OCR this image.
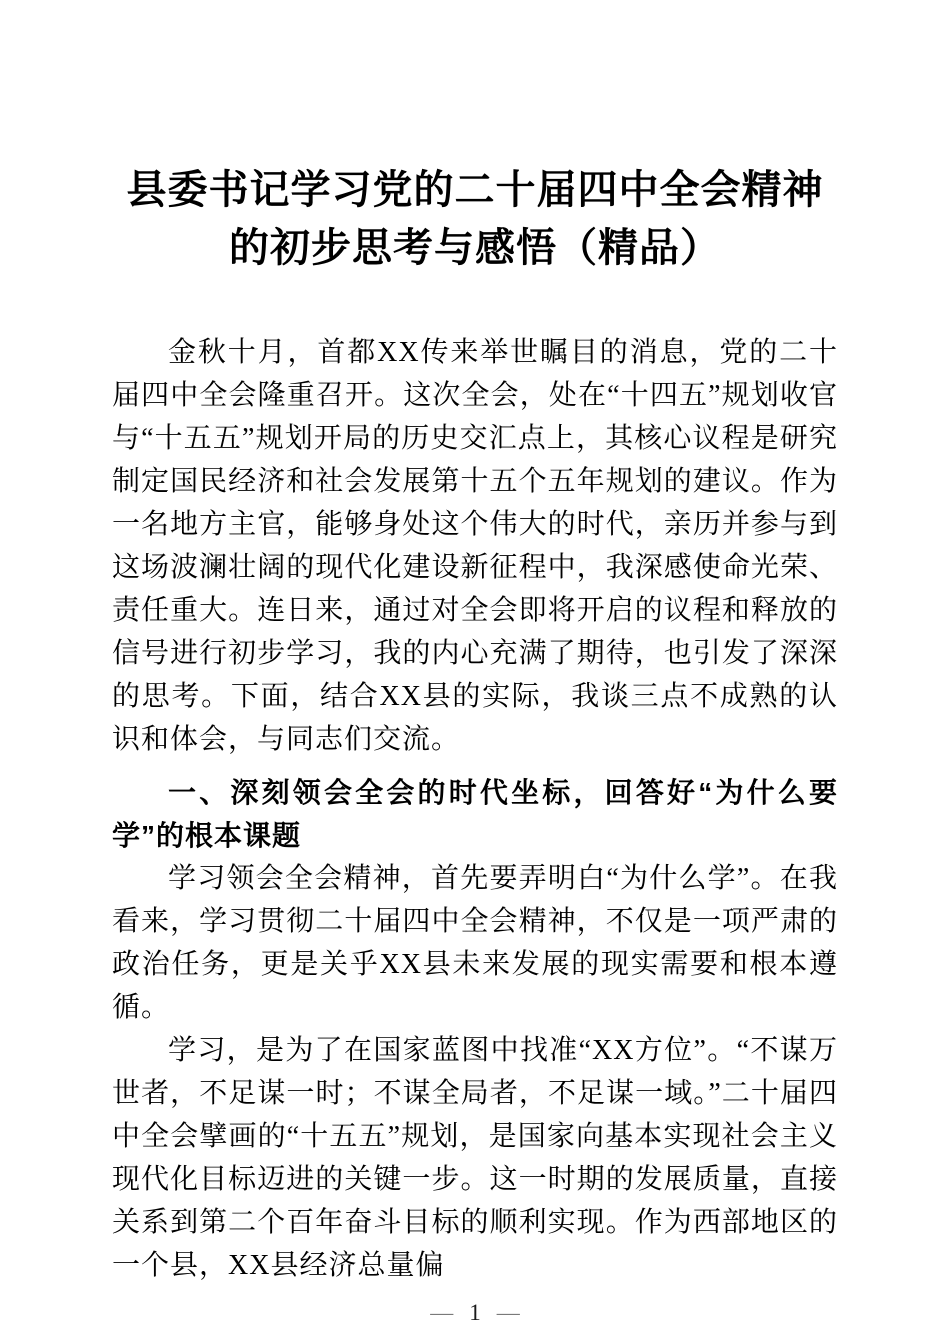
县委书记学习党的二十届四中全会精神的初步思考与感悟（精品）

金秋十月，首都XX传来举世瞩目的消息，党的二十届四中全会隆重召开。这次全会，处在“十四五”规划收官与“十五五”规划开局的历史交汇点上，其核心议程是研究制定国民经济和社会发展第十五个五年规划的建议。作为一名地方主官，能够身处这个伟大的时代，亲历并参与到这场波澜壮阔的现代化建设新征程中，我深感使命光荣、责任重大。连日来，通过对全会即将开启的议程和释放的信号进行初步学习，我的内心充满了期待，也引发了深深的思考。下面，结合XX县的实际，我谈三点不成熟的认识和体会，与同志们交流。

一、深刻领会全会的时代坐标，回答好“为什么要学”的根本课题

学习领会全会精神，首先要弄明白“为什么学”。在我看来，学习贯彻二十届四中全会精神，不仅是一项严肃的政治任务，更是关乎XX县未来发展的现实需要和根本遵循。

学习，是为了在国家蓝图中找准“XX方位”。“不谋万世者，不足谋一时；不谋全局者，不足谋一域。”二十届四中全会擘画的“十五五”规划，是国家向基本实现社会主义现代化目标迈进的关键一步。这一时期的发展质量，直接关系到第二个百年奋斗目标的顺利实现。作为西部地区的一个县，XX县经济总量偏

— 1 —
